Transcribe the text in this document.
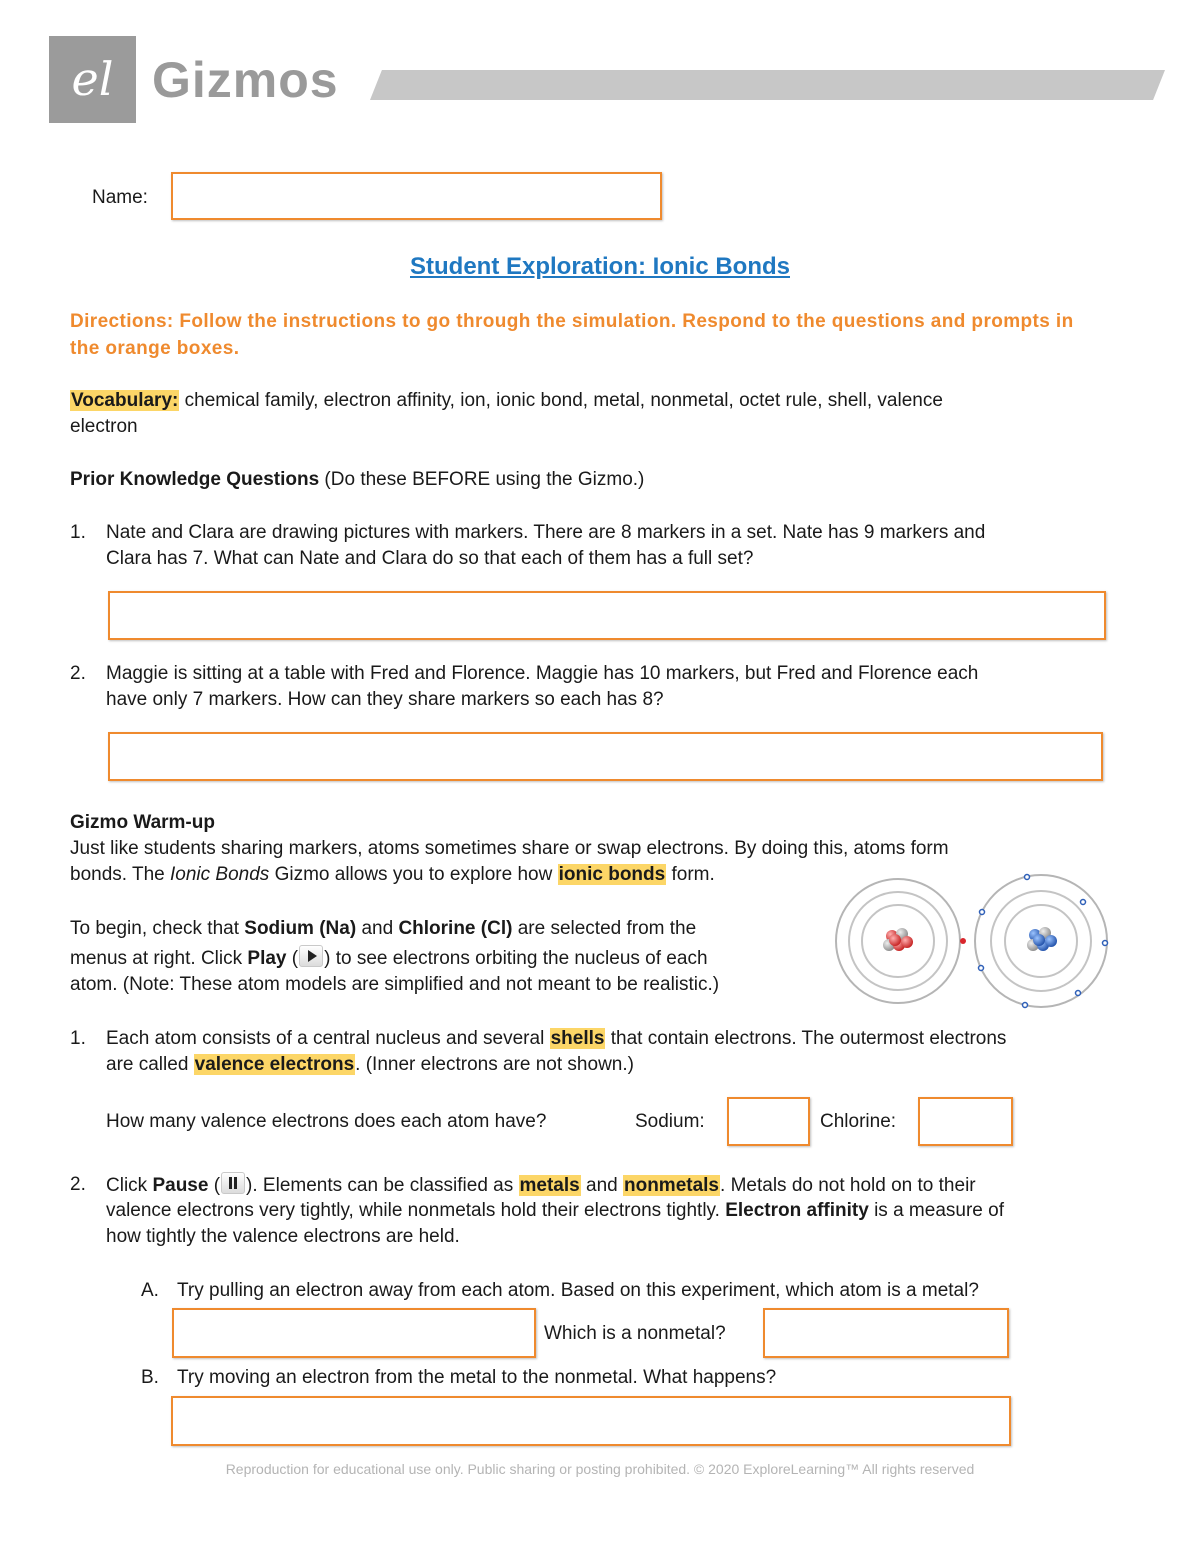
el Gizmos
Name:
Student Exploration: Ionic Bonds
Directions: Follow the instructions to go through the simulation. Respond to the questions and prompts in the orange boxes.
Vocabulary: chemical family, electron affinity, ion, ionic bond, metal, nonmetal, octet rule, shell, valence
electron
Prior Knowledge Questions (Do these BEFORE using the Gizmo.)
1. Nate and Clara are drawing pictures with markers. There are 8 markers in a set. Nate has 9 markers and
Clara has 7. What can Nate and Clara do so that each of them has a full set?
2. Maggie is sitting at a table with Fred and Florence. Maggie has 10 markers, but Fred and Florence each
have only 7 markers. How can they share markers so each has 8?
Gizmo Warm-up
Just like students sharing markers, atoms sometimes share or swap electrons. By doing this, atoms form
bonds. The Ionic Bonds Gizmo allows you to explore how ionic bonds form.
To begin, check that Sodium (Na) and Chlorine (Cl) are selected from the
menus at right. Click Play ( ) to see electrons orbiting the nucleus of each
atom. (Note: These atom models are simplified and not meant to be realistic.)
1. Each atom consists of a central nucleus and several shells that contain electrons. The outermost electrons
are called valence electrons. (Inner electrons are not shown.)
How many valence electrons does each atom have?	Sodium:	Chlorine:
2. Click Pause ( ). Elements can be classified as metals and nonmetals. Metals do not hold on to their
valence electrons very tightly, while nonmetals hold their electrons tightly. Electron affinity is a measure of
how tightly the valence electrons are held.
A. Try pulling an electron away from each atom. Based on this experiment, which atom is a metal?
Which is a nonmetal?
B. Try moving an electron from the metal to the nonmetal. What happens?
Reproduction for educational use only. Public sharing or posting prohibited. © 2020 ExploreLearning™ All rights reserved
